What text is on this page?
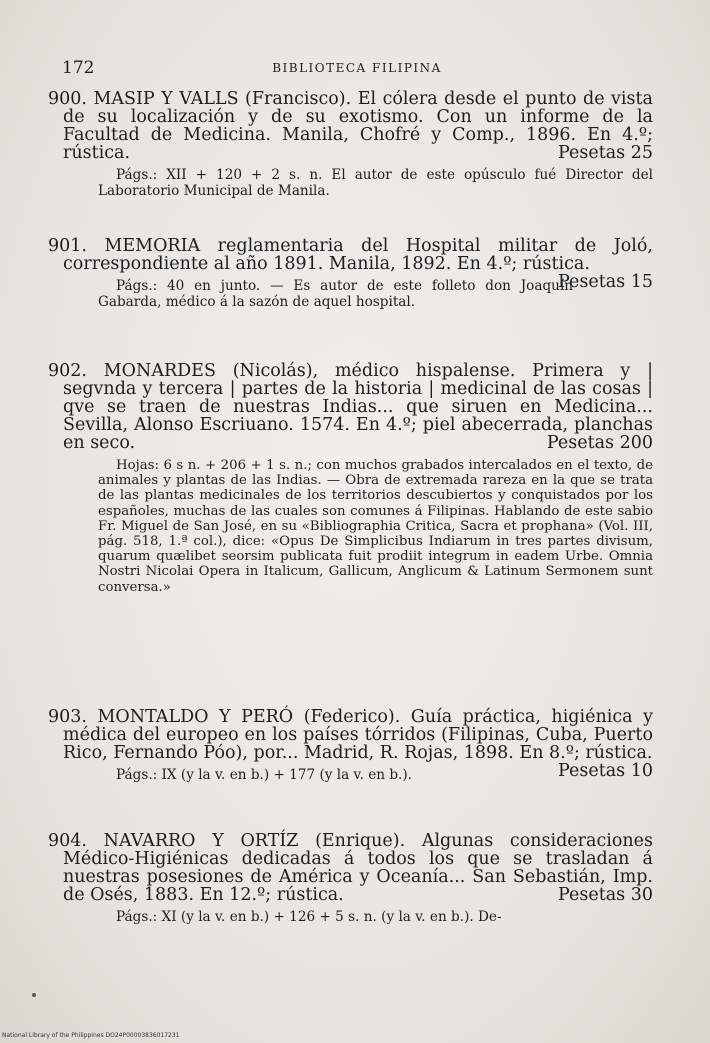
172	BIBLIOTECA FILIPINA

900. MASIP Y VALLS (Francisco). El cólera desde el punto de vista de su localización y de su exotismo. Con un informe de la Facultad de Medicina. Manila, Chofré y Comp., 1896. En 4.º; rústica.	Pesetas 25

Págs.: XII + 120 + 2 s. n. El autor de este opúsculo fué Director del Laboratorio Municipal de Manila.

901. MEMORIA reglamentaria del Hospital militar de Joló, correspondiente al año 1891. Manila, 1892. En 4.º; rústica.
Pesetas 15

Págs.: 40 en junto. — Es autor de este folleto don Joaquín Gabarda, médico á la sazón de aquel hospital.

902. MONARDES (Nicolás), médico hispalense. Primera y | segvnda y tercera | partes de la historia | medicinal de las cosas | qve se traen de nuestras Indias... que siruen en Medicina... Sevilla, Alonso Escriuano. 1574. En 4.º; piel abecerrada, planchas en seco.	Pesetas 200

Hojas: 6 s n. + 206 + 1 s. n.; con muchos grabados intercalados en el texto, de animales y plantas de las Indias. — Obra de extremada rareza en la que se trata de las plantas medicinales de los territorios descubiertos y conquistados por los españoles, muchas de las cuales son comunes á Filipinas. Hablando de este sabio Fr. Miguel de San José, en su «Bibliographia Critica, Sacra et prophana» (Vol. III, pág. 518, 1.ª col.), dice: «Opus De Simplicibus Indiarum in tres partes divisum, quarum quælibet seorsim publicata fuit prodiit integrum in eadem Urbe. Omnia Nostri Nicolai Opera in Italicum, Gallicum, Anglicum & Latinum Sermonem sunt conversa.»

903. MONTALDO Y PERÓ (Federico). Guía práctica, higiénica y médica del europeo en los países tórridos (Filipinas, Cuba, Puerto Rico, Fernando Póo), por... Madrid, R. Rojas, 1898. En 8.º; rústica.
Pesetas 10

Págs.: IX (y la v. en b.) + 177 (y la v. en b.).

904. NAVARRO Y ORTÍZ (Enrique). Algunas consideraciones Médico-Higiénicas dedicadas á todos los que se trasladan á nuestras posesiones de América y Oceanía... San Sebastián, Imp. de Osés, 1883. En 12.º; rústica.	Pesetas 30

Págs.: XI (y la v. en b.) + 126 + 5 s. n. (y la v. en b.). De-

National Library of the Philippines DO24P00003836017231
